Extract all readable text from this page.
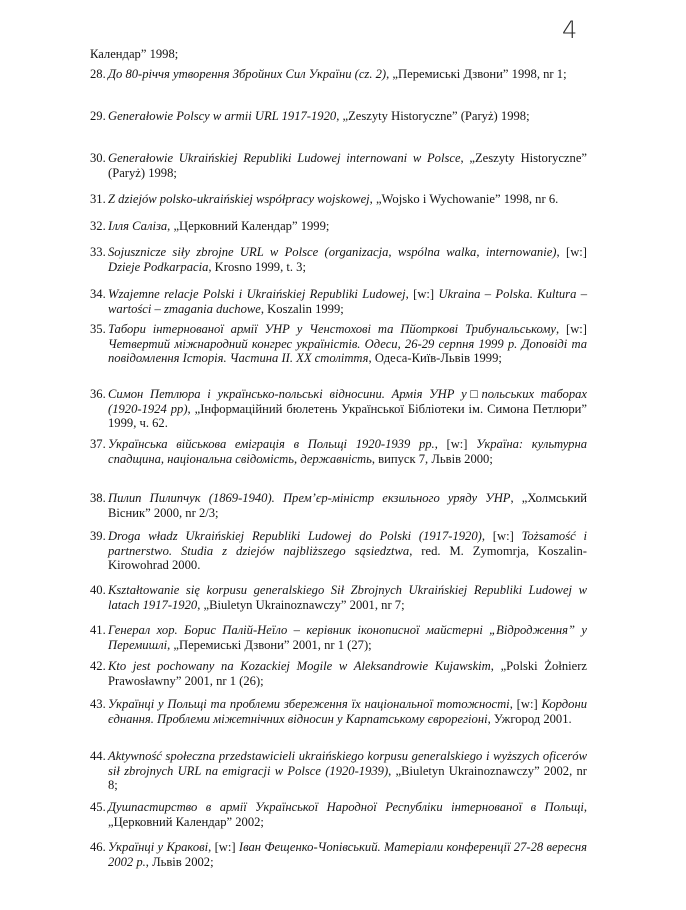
4
Календар” 1998;
28. До 80-річчя утворення Збройних Сил України (cz. 2), „Перемиські Дзвони” 1998, nr 1;
29. Generałowie Polscy w armii URL 1917-1920, „Zeszyty Historyczne” (Paryż) 1998;
30. Generałowie Ukraińskiej Republiki Ludowej internowani w Polsce, „Zeszyty Historyczne” (Paryż) 1998;
31. Z dziejów polsko-ukraińskiej współpracy wojskowej, „Wojsko i Wychowanie” 1998, nr 6.
32. Ілля Саліза, „Церковний Календар” 1999;
33. Sojusznicze siły zbrojne URL w Polsce (organizacja, wspólna walka, internowanie), [w:] Dzieje Podkarpacia, Krosno 1999, t. 3;
34. Wzajemne relacje Polski i Ukraińskiej Republiki Ludowej, [w:] Ukraina – Polska. Kultura – wartości – zmagania duchowe, Koszalin 1999;
35. Табори інтернованої армії УНР у Ченстохові та Пйотркові Трибунальському, [w:] Четвертий міжнародний конгрес україністів. Одеси, 26-29 серпня 1999 р. Доповіді та повідомлення Історія. Частина II. ХХ століття, Одеса-Київ-Львів 1999;
36. Симон Петлюра і українсько-польські відносини. Армія УНР у□польських таборах (1920-1924 рр), „Інформаційний бюлетень Української Бібліотеки ім. Симона Петлюри” 1999, ч. 62.
37. Українська військова еміграція в Польщі 1920-1939 рр., [w:] Україна: культурна спадщина, національна свідомість, державність, випуск 7, Львів 2000;
38. Пилип Пилипчук (1869-1940). Прем’єр-міністр екзильного уряду УНР, „Холмський Вісник” 2000, nr 2/3;
39. Droga władz Ukraińskiej Republiki Ludowej do Polski (1917-1920), [w:] Tożsamość i partnerstwo. Studia z dziejów najbliższego sąsiedztwa, red. M. Zymomrja, Koszalin-Kirowohrad 2000.
40. Kształtowanie się korpusu generalskiego Sił Zbrojnych Ukraińskiej Republiki Ludowej w latach 1917-1920, „Biuletyn Ukrainoznawczy” 2001, nr 7;
41. Генерал хор. Борис Палій-Неїло – керівник іконописної майстерні „Відродження” у Перемишлі, „Перемиські Дзвони” 2001, nr 1 (27);
42. Kto jest pochowany na Kozackiej Mogile w Aleksandrowie Kujawskim, „Polski Żołnierz Prawosławny” 2001, nr 1 (26);
43. Українці у Польщі та проблеми збереження їх національної тотожності, [w:] Кордони єднання. Проблеми міжетнічних відносин у Карпатському єврорегіоні, Ужгород 2001.
44. Aktywność społeczna przedstawicieli ukraińskiego korpusu generalskiego i wyższych oficerów sił zbrojnych URL na emigracji w Polsce (1920-1939), „Biuletyn Ukrainoznawczy” 2002, nr 8;
45. Душпастирство в армії Української Народної Республіки інтернованої в Польщі, „Церковний Календар” 2002;
46. Українці у Кракові, [w:] Іван Фещенко-Чопівський. Матеріали конференції 27-28 вересня 2002 р., Львів 2002;
